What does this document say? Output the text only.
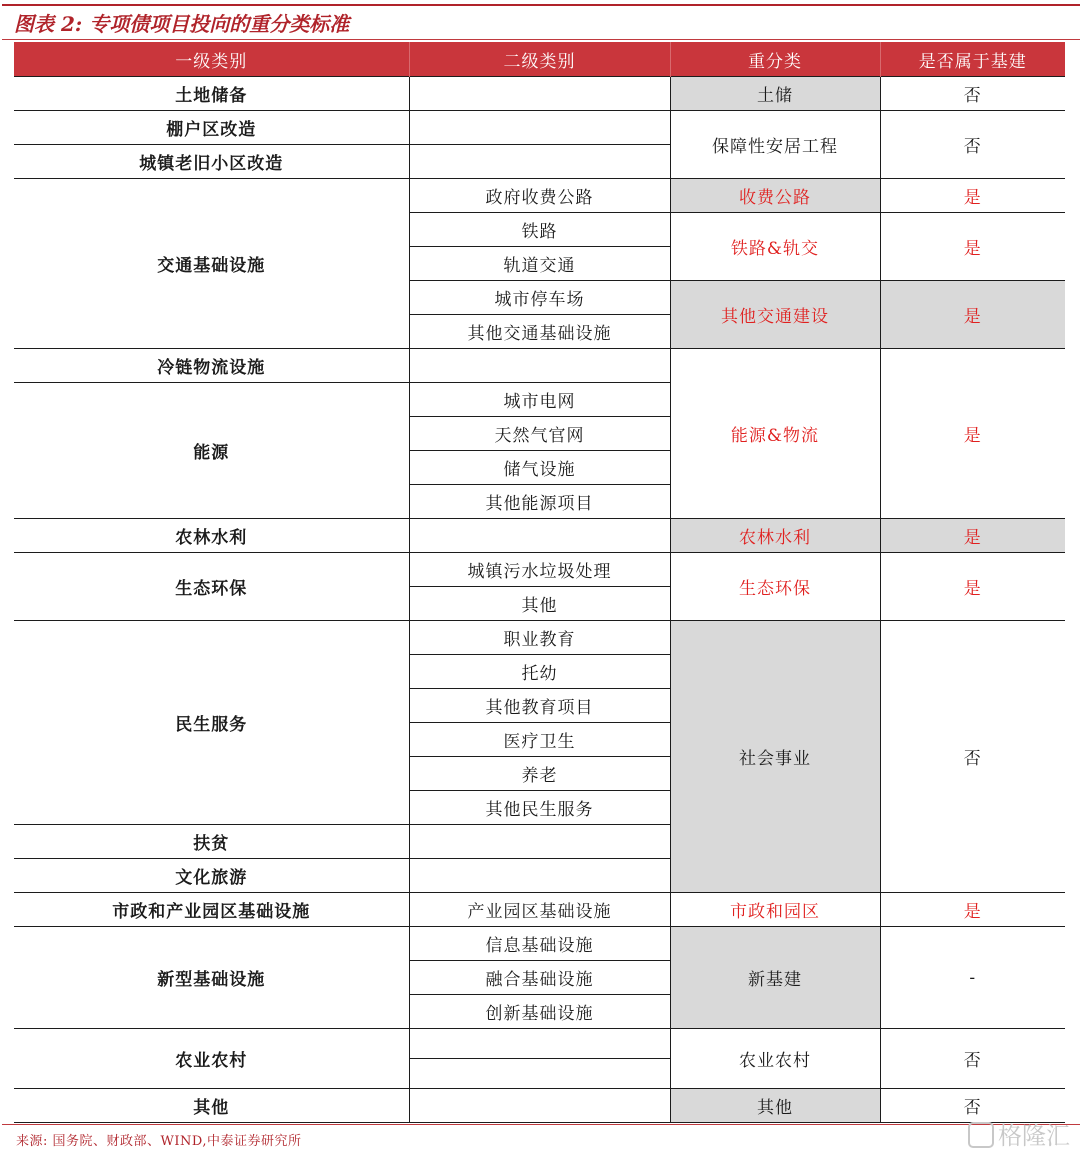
图表 2: 专项债项目投向的重分类标准
一级类别	二级类别	重分类	是否属于基建
土地储备		土储	否
棚户区改造		保障性安居工程	否
城镇老旧小区改造			
交通基础设施	政府收费公路	收费公路	是
	铁路	铁路&轨交	是
	轨道交通		
	城市停车场	其他交通建设	是
	其他交通基础设施		
冷链物流设施		能源&物流	是
能源	城市电网		
	天然气官网		
	储气设施		
	其他能源项目		
农林水利		农林水利	是
生态环保	城镇污水垃圾处理	生态环保	是
	其他		
民生服务	职业教育	社会事业	否
	托幼		
	其他教育项目		
	医疗卫生		
	养老		
	其他民生服务		
扶贫			
文化旅游			
市政和产业园区基础设施	产业园区基础设施	市政和园区	是
新型基础设施	信息基础设施	新基建	-
	融合基础设施		
	创新基础设施		
农业农村		农业农村	否

其他		其他	否
来源: 国务院、财政部、WIND,中泰证券研究所	格隆汇
